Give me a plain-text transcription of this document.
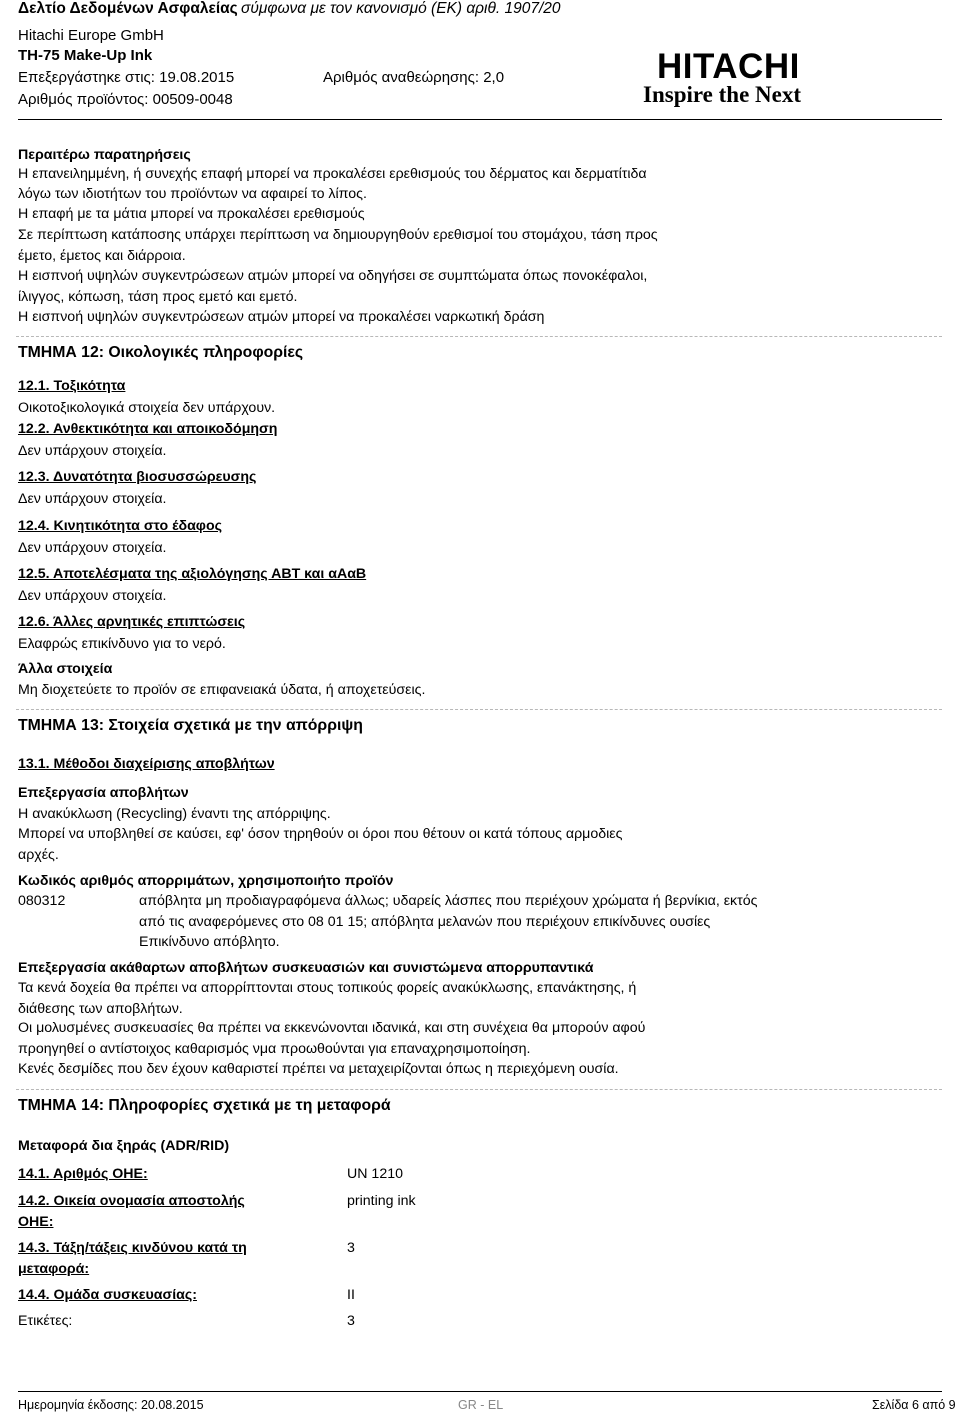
Δελτίο Δεδομένων Ασφαλείας σύμφωνα με τον κανονισμό (ΕΚ) αριθ. 1907/20
Hitachi Europe GmbH
TH-75 Make-Up Ink
Επεξεργάστηκε στις: 19.08.2015	Αριθμός αναθεώρησης: 2,0
Αριθμός προϊόντος: 00509-0048
HITACHI
Inspire the Next
Περαιτέρω παρατηρήσεις
Η επανειλημμένη, ή συνεχής επαφή μπορεί να προκαλέσει ερεθισμούς του δέρματος και δερματίτιδα
λόγω των ιδιοτήτων του προϊόντων να αφαιρεί το λίπος.
Η επαφή με τα μάτια μπορεί να προκαλέσει ερεθισμούς
Σε περίπτωση κατάποσης υπάρχει περίπτωση να δημιουργηθούν ερεθισμοί του στομάχου, τάση προς
έμετο, έμετος και διάρροια.
Η εισπνοή υψηλών συγκεντρώσεων ατμών μπορεί να οδηγήσει σε συμπτώματα όπως πονοκέφαλοι,
ίλιγγος, κόπωση, τάση προς εμετό και εμετό.
Η εισπνοή υψηλών συγκεντρώσεων ατμών μπορεί να προκαλέσει ναρκωτική δράση
ΤΜΗΜΑ 12: Οικολογικές πληροφορίες
12.1. Τοξικότητα
Οικοτοξικολογικά στοιχεία δεν υπάρχουν.
12.2. Ανθεκτικότητα και αποικοδόμηση
Δεν υπάρχουν στοιχεία.
12.3. Δυνατότητα βιοσυσσώρευσης
Δεν υπάρχουν στοιχεία.
12.4. Κινητικότητα στο έδαφος
Δεν υπάρχουν στοιχεία.
12.5. Αποτελέσματα της αξιολόγησης ΑΒΤ και αΑαΒ
Δεν υπάρχουν στοιχεία.
12.6. Άλλες αρνητικές επιπτώσεις
Ελαφρώς επικίνδυνο για το νερό.
Άλλα στοιχεία
Μη διοχετεύετε το προϊόν σε επιφανειακά ύδατα, ή αποχετεύσεις.
ΤΜΗΜΑ 13: Στοιχεία σχετικά με την απόρριψη
13.1. Μέθοδοι διαχείρισης αποβλήτων
Επεξεργασία αποβλήτων
Η ανακύκλωση (Recycling) έναντι της απόρριψης.
Μπορεί να υποβληθεί σε καύσει, εφ' όσον τηρηθούν οι όροι που θέτουν οι κατά τόπους αρμοδιες
αρχές.
Κωδικός αριθμός απορριμάτων, χρησιμοποιήτο προϊόν
080312	απόβλητα μη προδιαγραφόμενα άλλως; υδαρείς λάσπες που περιέχουν χρώματα ή βερνίκια, εκτός
από τις αναφερόμενες στο 08 01 15; απόβλητα μελανών που περιέχουν επικίνδυνες ουσίες
Επικίνδυνο απόβλητο.
Επεξεργασία ακάθαρτων αποβλήτων συσκευασιών και συνιστώμενα απορρυπαντικά
Τα κενά δοχεία θα πρέπει να απορρίπτονται στους τοπικούς φορείς ανακύκλωσης, επανάκτησης, ή
διάθεσης των αποβλήτων.
Οι μολυσμένες συσκευασίες θα πρέπει να εκκενώνονται ιδανικά, και στη συνέχεια θα μπορούν αφού
προηγηθεί ο αντίστοιχος καθαρισμός νμα προωθούνται για επαναχρησιμοποίηση.
Κενές δεσμίδες που δεν έχουν καθαριστεί πρέπει να μεταχειρίζονται όπως η περιεχόμενη ουσία.
ΤΜΗΜΑ 14: Πληροφορίες σχετικά με τη μεταφορά
Μεταφορά δια ξηράς (ADR/RID)
14.1. Αριθμός ΟΗΕ:	UN 1210
14.2. Οικεία ονομασία αποστολής
ΟΗΕ:
printing ink
14.3. Τάξη/τάξεις κινδύνου κατά τη
μεταφορά:
3
14.4. Ομάδα συσκευασίας:	II
Ετικέτες:	3
Ημερομηνία έκδοσης: 20.08.2015	GR - EL	Σελίδα 6 από 9
